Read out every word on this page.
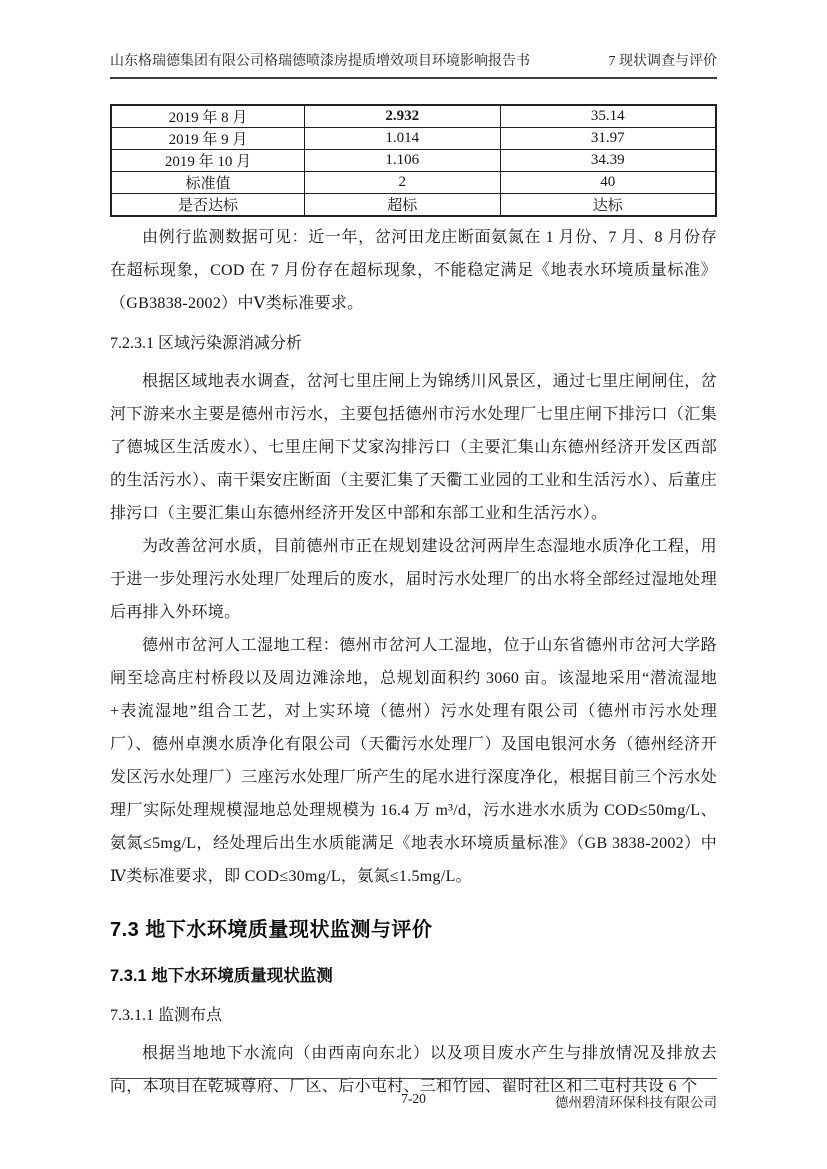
山东格瑞德集团有限公司格瑞德喷漆房提质增效项目环境影响报告书	7 现状调查与评价
2019 年 8 月	2.932	35.14
2019 年 9 月	1.014	31.97
2019 年 10 月	1.106	34.39
标准值	2	40
是否达标	超标	达标

由例行监测数据可见：近一年，岔河田龙庄断面氨氮在 1 月份、7 月、8 月份存在超标现象，COD 在 7 月份存在超标现象，不能稳定满足《地表水环境质量标准》（GB3838-2002）中Ⅴ类标准要求。

7.2.3.1 区域污染源消减分析

根据区域地表水调查，岔河七里庄闸上为锦绣川风景区，通过七里庄闸闸住，岔河下游来水主要是德州市污水，主要包括德州市污水处理厂七里庄闸下排污口（汇集了德城区生活废水）、七里庄闸下艾家沟排污口（主要汇集山东德州经济开发区西部的生活污水）、南干渠安庄断面（主要汇集了天衢工业园的工业和生活污水）、后董庄排污口（主要汇集山东德州经济开发区中部和东部工业和生活污水）。

为改善岔河水质，目前德州市正在规划建设岔河两岸生态湿地水质净化工程，用于进一步处理污水处理厂处理后的废水，届时污水处理厂的出水将全部经过湿地处理后再排入外环境。

德州市岔河人工湿地工程：德州市岔河人工湿地，位于山东省德州市岔河大学路闸至埝高庄村桥段以及周边滩涂地，总规划面积约 3060 亩。该湿地采用“潜流湿地+表流湿地”组合工艺，对上实环境（德州）污水处理有限公司（德州市污水处理厂）、德州卓澳水质净化有限公司（天衢污水处理厂）及国电银河水务（德州经济开发区污水处理厂）三座污水处理厂所产生的尾水进行深度净化，根据目前三个污水处理厂实际处理规模湿地总处理规模为 16.4 万 m³/d，污水进水水质为 COD≤50mg/L、氨氮≤5mg/L，经处理后出生水质能满足《地表水环境质量标准》（GB 3838-2002）中Ⅳ类标准要求，即 COD≤30mg/L，氨氮≤1.5mg/L。

7.3 地下水环境质量现状监测与评价
7.3.1 地下水环境质量现状监测
7.3.1.1 监测布点

根据当地地下水流向（由西南向东北）以及项目废水产生与排放情况及排放去向，本项目在乾城尊府、厂区、后小屯村、三和竹园、翟时社区和二屯村共设 6 个

7-20	德州碧清环保科技有限公司
